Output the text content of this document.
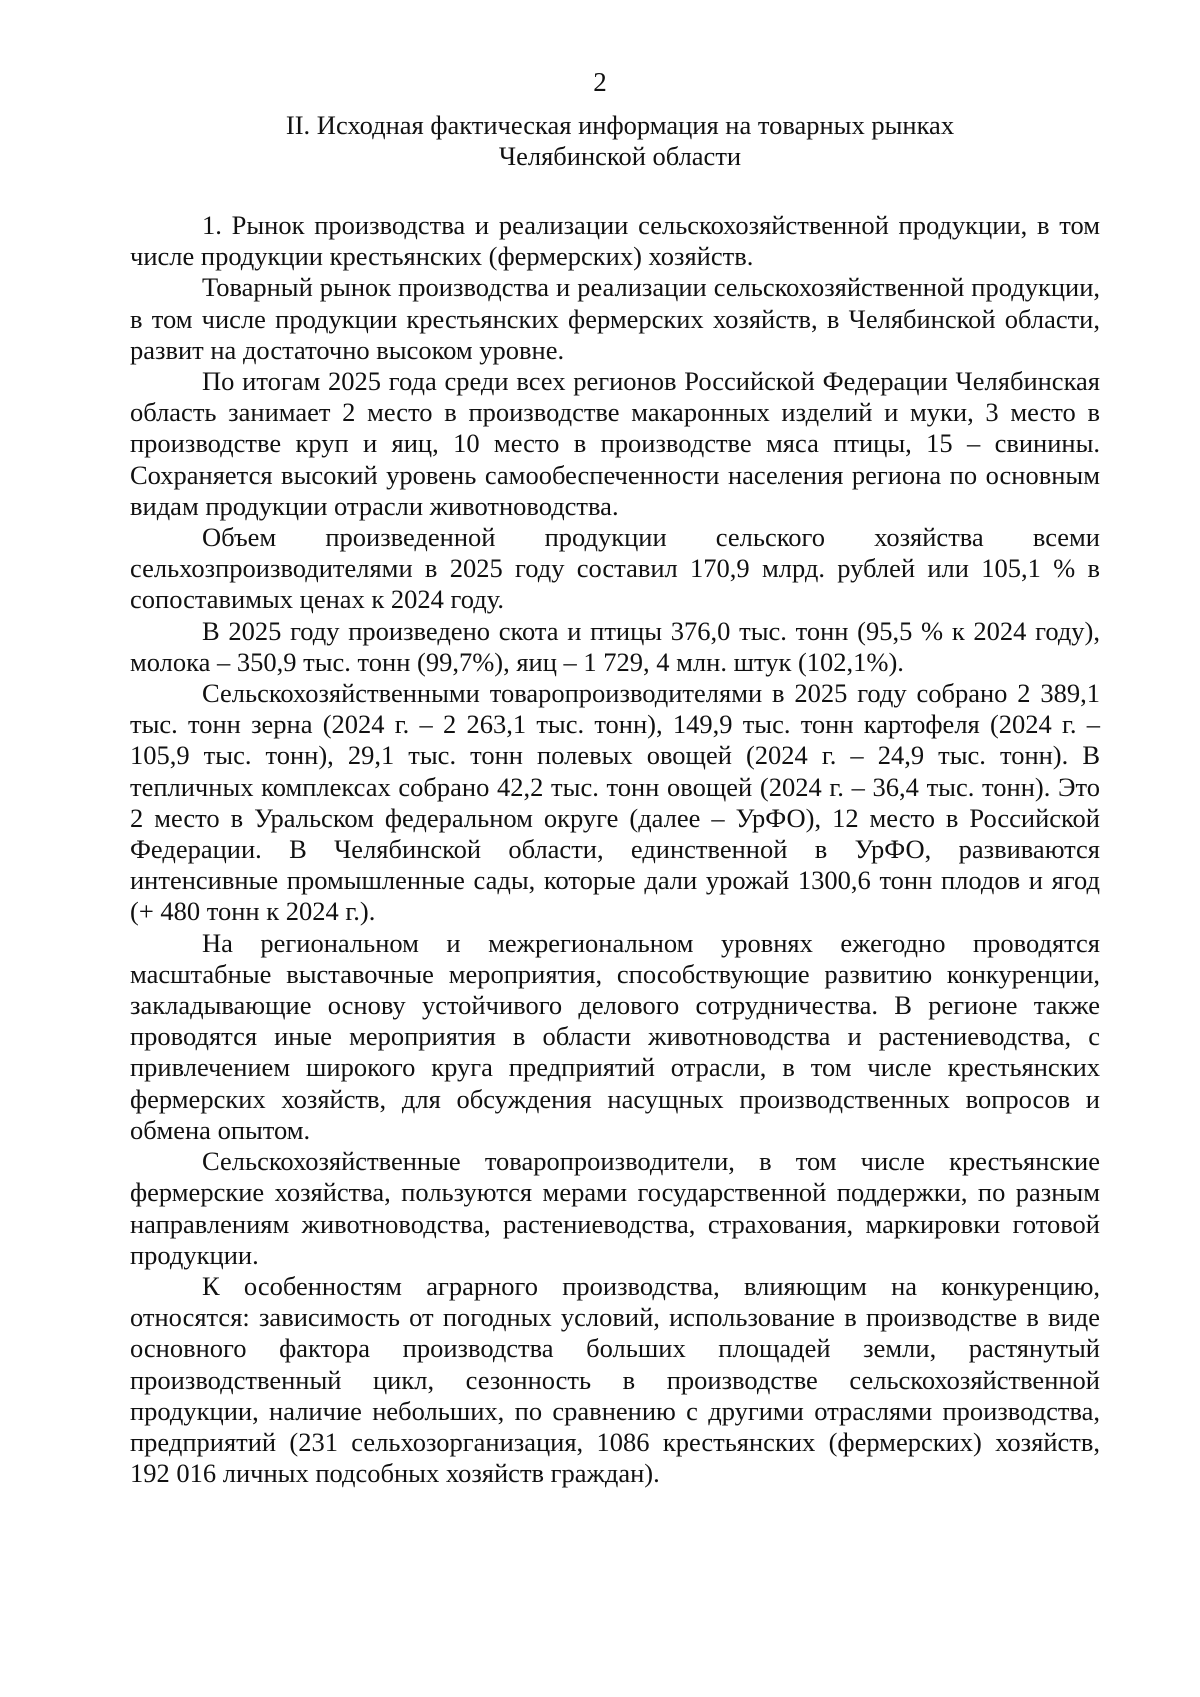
2
II. Исходная фактическая информация на товарных рынках
Челябинской области

1. Рынок производства и реализации сельскохозяйственной продукции, в том числе продукции крестьянских (фермерских) хозяйств.

Товарный рынок производства и реализации сельскохозяйственной продукции, в том числе продукции крестьянских фермерских хозяйств, в Челябинской области, развит на достаточно высоком уровне.

По итогам 2025 года среди всех регионов Российской Федерации Челябинская область занимает 2 место в производстве макаронных изделий и муки, 3 место в производстве круп и яиц, 10 место в производстве мяса птицы, 15 – свинины. Сохраняется высокий уровень самообеспеченности населения региона по основным видам продукции отрасли животноводства.

Объем произведенной продукции сельского хозяйства всеми сельхозпроизводителями в 2025 году составил 170,9 млрд. рублей или 105,1 % в сопоставимых ценах к 2024 году.

В 2025 году произведено скота и птицы 376,0 тыс. тонн (95,5 % к 2024 году), молока – 350,9 тыс. тонн (99,7%), яиц – 1 729, 4 млн. штук (102,1%).

Сельскохозяйственными товаропроизводителями в 2025 году собрано 2 389,1 тыс. тонн зерна (2024 г. – 2 263,1 тыс. тонн), 149,9 тыс. тонн картофеля (2024 г. – 105,9 тыс. тонн), 29,1 тыс. тонн полевых овощей (2024 г. – 24,9 тыс. тонн). В тепличных комплексах собрано 42,2 тыс. тонн овощей (2024 г. – 36,4 тыс. тонн). Это 2 место в Уральском федеральном округе (далее – УрФО), 12 место в Российской Федерации. В Челябинской области, единственной в УрФО, развиваются интенсивные промышленные сады, которые дали урожай 1300,6 тонн плодов и ягод (+ 480 тонн к 2024 г.).

На региональном и межрегиональном уровнях ежегодно проводятся масштабные выставочные мероприятия, способствующие развитию конкуренции, закладывающие основу устойчивого делового сотрудничества. В регионе также проводятся иные мероприятия в области животноводства и растениеводства, с привлечением широкого круга предприятий отрасли, в том числе крестьянских фермерских хозяйств, для обсуждения насущных производственных вопросов и обмена опытом.

Сельскохозяйственные товаропроизводители, в том числе крестьянские фермерские хозяйства, пользуются мерами государственной поддержки, по разным направлениям животноводства, растениеводства, страхования, маркировки готовой продукции.

К особенностям аграрного производства, влияющим на конкуренцию, относятся: зависимость от погодных условий, использование в производстве в виде основного фактора производства больших площадей земли, растянутый производственный цикл, сезонность в производстве сельскохозяйственной продукции, наличие небольших, по сравнению с другими отраслями производства, предприятий (231 сельхозорганизация, 1086 крестьянских (фермерских) хозяйств, 192 016 личных подсобных хозяйств граждан).
